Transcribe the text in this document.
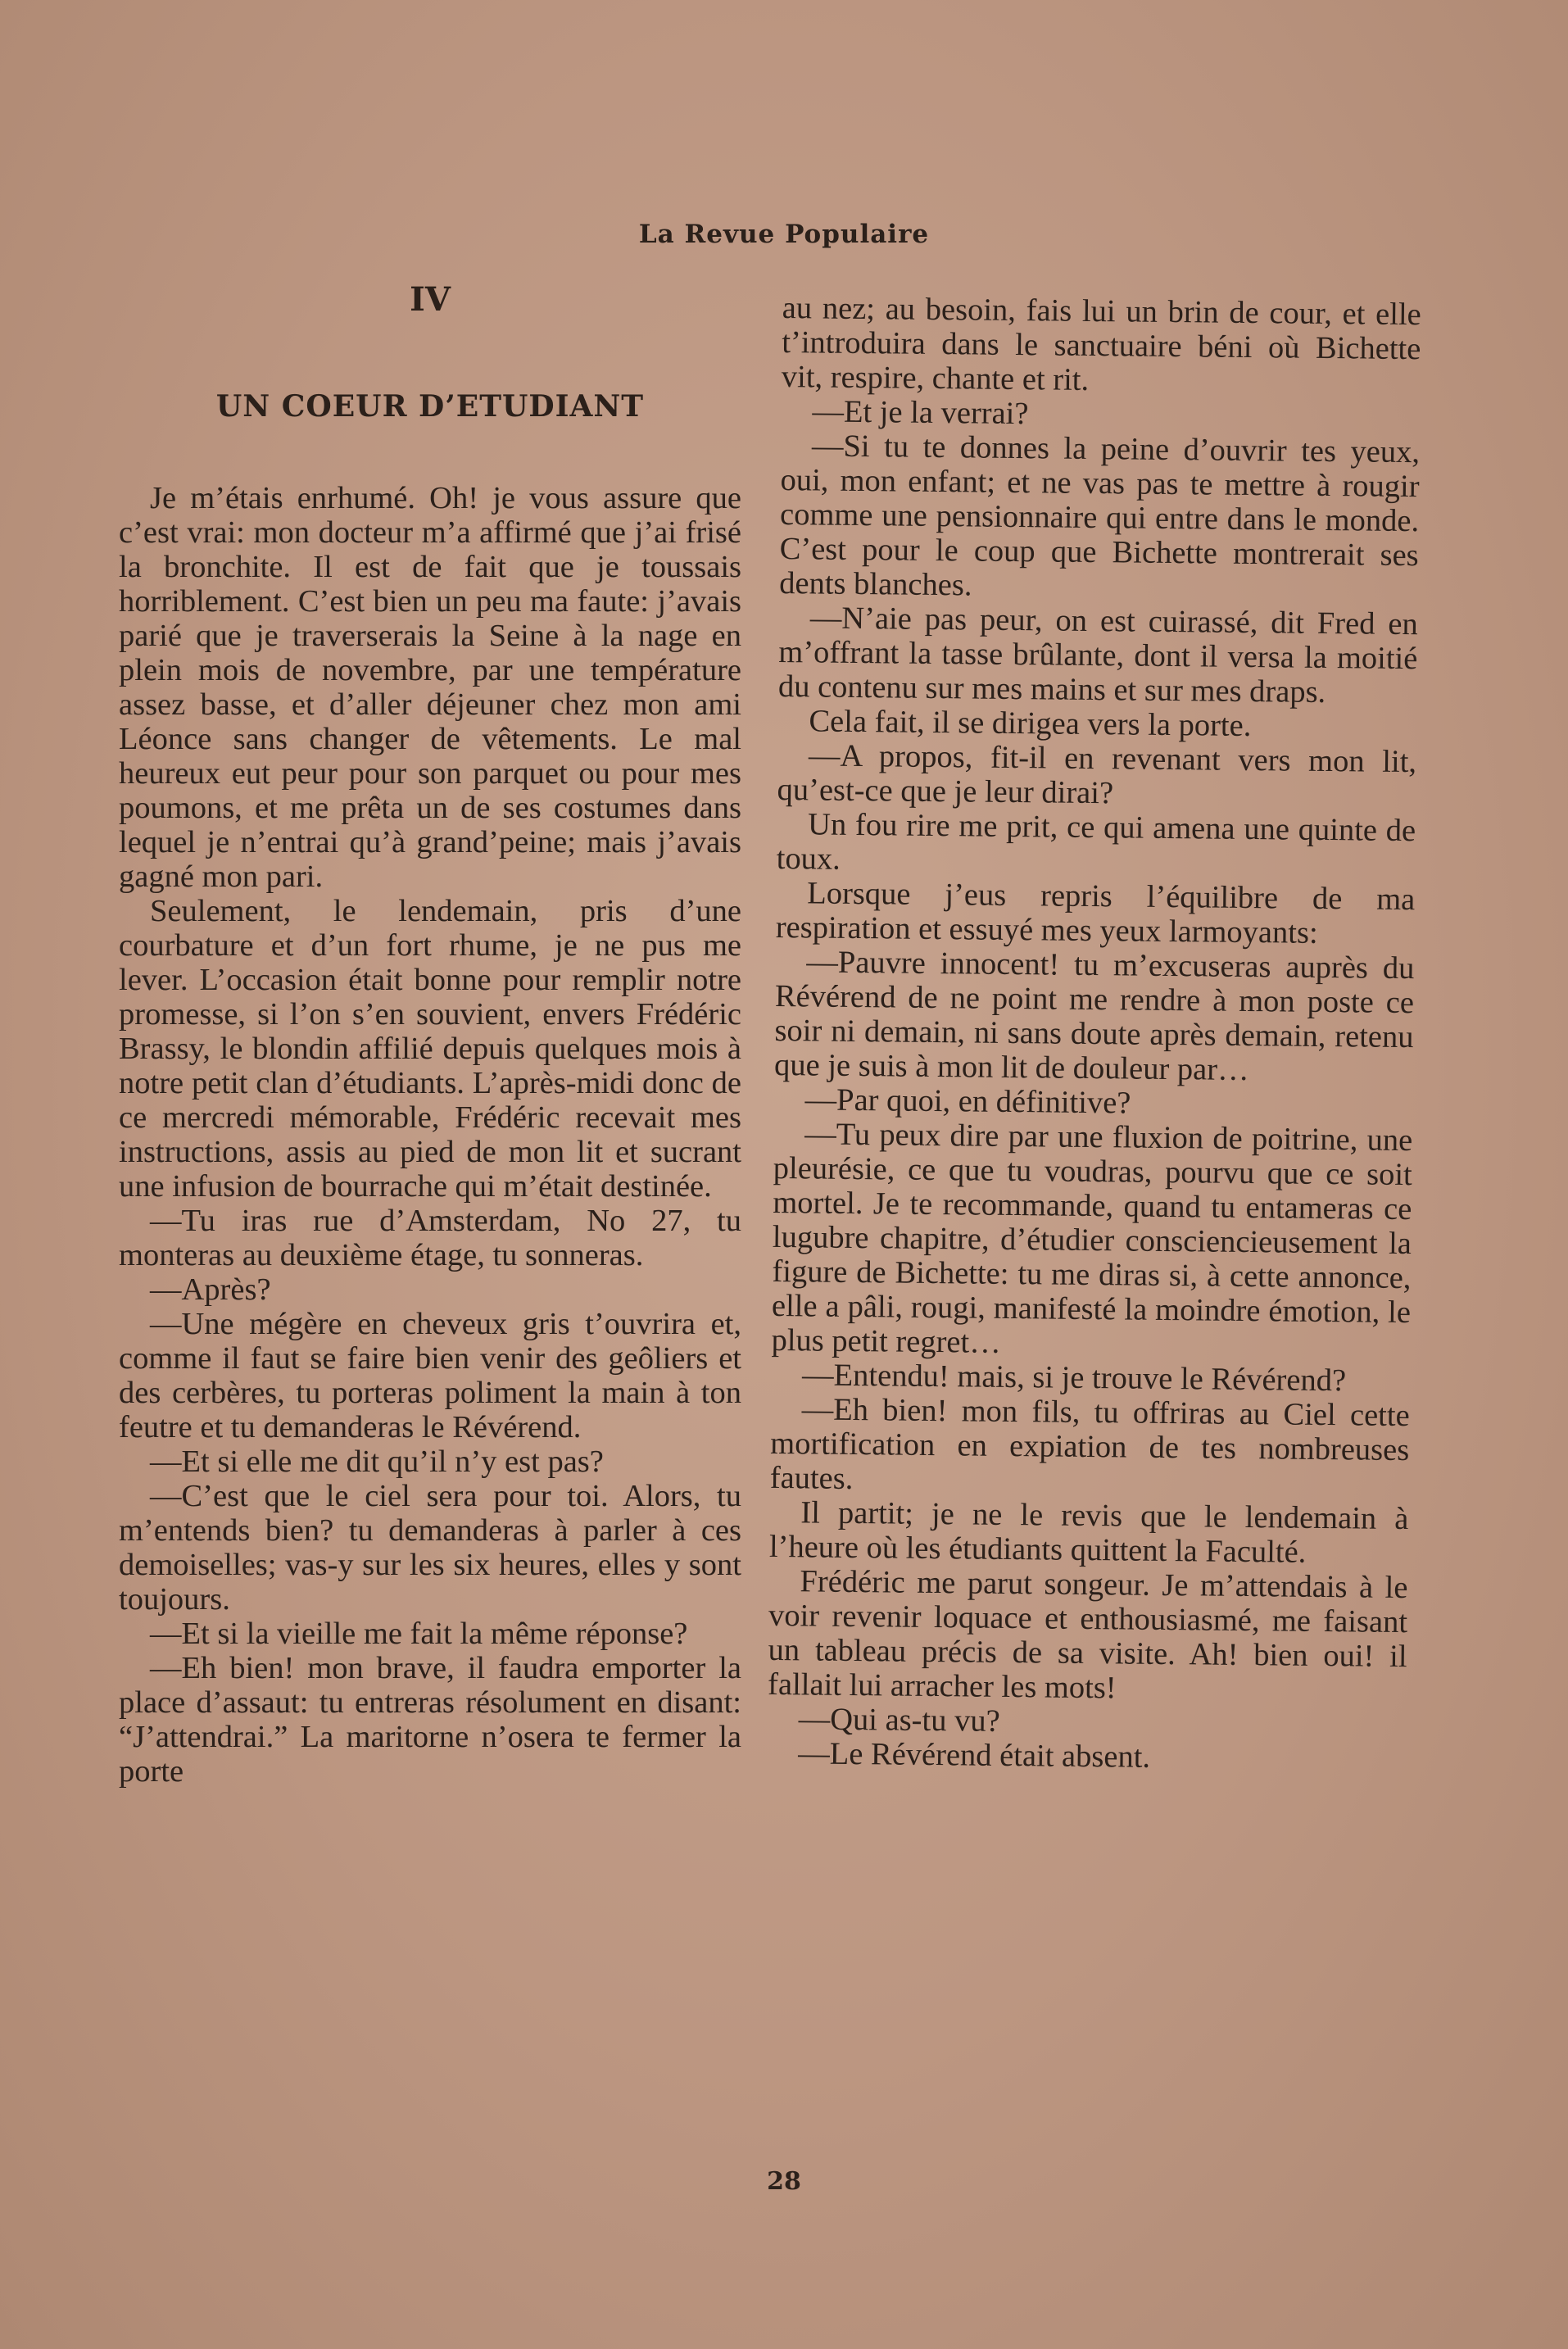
La Revue Populaire
IV
UN COEUR D’ETUDIANT

Je m’étais enrhumé. Oh! je vous assure que c’est vrai: mon docteur m’a affirmé que j’ai frisé la bronchite. Il est de fait que je toussais horriblement. C’est bien un peu ma faute: j’avais parié que je traverserais la Seine à la nage en plein mois de novembre, par une température assez basse, et d’aller déjeuner chez mon ami Léonce sans changer de vêtements. Le mal heureux eut peur pour son parquet ou pour mes poumons, et me prêta un de ses costumes dans lequel je n’entrai qu’à grand’peine; mais j’avais gagné mon pari.

Seulement, le lendemain, pris d’une courbature et d’un fort rhume, je ne pus me lever. L’occasion était bonne pour remplir notre promesse, si l’on s’en souvient, envers Frédéric Brassy, le blondin affilié depuis quelques mois à notre petit clan d’étudiants. L’après-midi donc de ce mercredi mémorable, Frédéric recevait mes instructions, assis au pied de mon lit et sucrant une infusion de bourrache qui m’était destinée.

—Tu iras rue d’Amsterdam, No 27, tu monteras au deuxième étage, tu sonneras.

—Après?

—Une mégère en cheveux gris t’ouvrira et, comme il faut se faire bien venir des geôliers et des cerbères, tu porteras poliment la main à ton feutre et tu demanderas le Révérend.

—Et si elle me dit qu’il n’y est pas?

—C’est que le ciel sera pour toi. Alors, tu m’entends bien? tu demanderas à parler à ces demoiselles; vas-y sur les six heures, elles y sont toujours.

—Et si la vieille me fait la même réponse?

—Eh bien! mon brave, il faudra emporter la place d’assaut: tu entreras résolument en disant: “J’attendrai.” La maritorne n’osera te fermer la porte

au nez; au besoin, fais lui un brin de cour, et elle t’introduira dans le sanctuaire béni où Bichette vit, respire, chante et rit.

—Et je la verrai?

—Si tu te donnes la peine d’ouvrir tes yeux, oui, mon enfant; et ne vas pas te mettre à rougir comme une pensionnaire qui entre dans le monde. C’est pour le coup que Bichette montrerait ses dents blanches.

—N’aie pas peur, on est cuirassé, dit Fred en m’offrant la tasse brûlante, dont il versa la moitié du contenu sur mes mains et sur mes draps.

Cela fait, il se dirigea vers la porte.

—A propos, fit-il en revenant vers mon lit, qu’est-ce que je leur dirai?

Un fou rire me prit, ce qui amena une quinte de toux.

Lorsque j’eus repris l’équilibre de ma respiration et essuyé mes yeux larmoyants:

—Pauvre innocent! tu m’excuseras auprès du Révérend de ne point me rendre à mon poste ce soir ni demain, ni sans doute après demain, retenu que je suis à mon lit de douleur par…

—Par quoi, en définitive?

—Tu peux dire par une fluxion de poitrine, une pleurésie, ce que tu voudras, pourvu que ce soit mortel. Je te recommande, quand tu entameras ce lugubre chapitre, d’étudier consciencieusement la figure de Bichette: tu me diras si, à cette annonce, elle a pâli, rougi, manifesté la moindre émotion, le plus petit regret…

—Entendu! mais, si je trouve le Révérend?

—Eh bien! mon fils, tu offriras au Ciel cette mortification en expiation de tes nombreuses fautes.

Il partit; je ne le revis que le lendemain à l’heure où les étudiants quittent la Faculté.

Frédéric me parut songeur. Je m’attendais à le voir revenir loquace et enthousiasmé, me faisant un tableau précis de sa visite. Ah! bien oui! il fallait lui arracher les mots!

—Qui as-tu vu?

—Le Révérend était absent.

28
